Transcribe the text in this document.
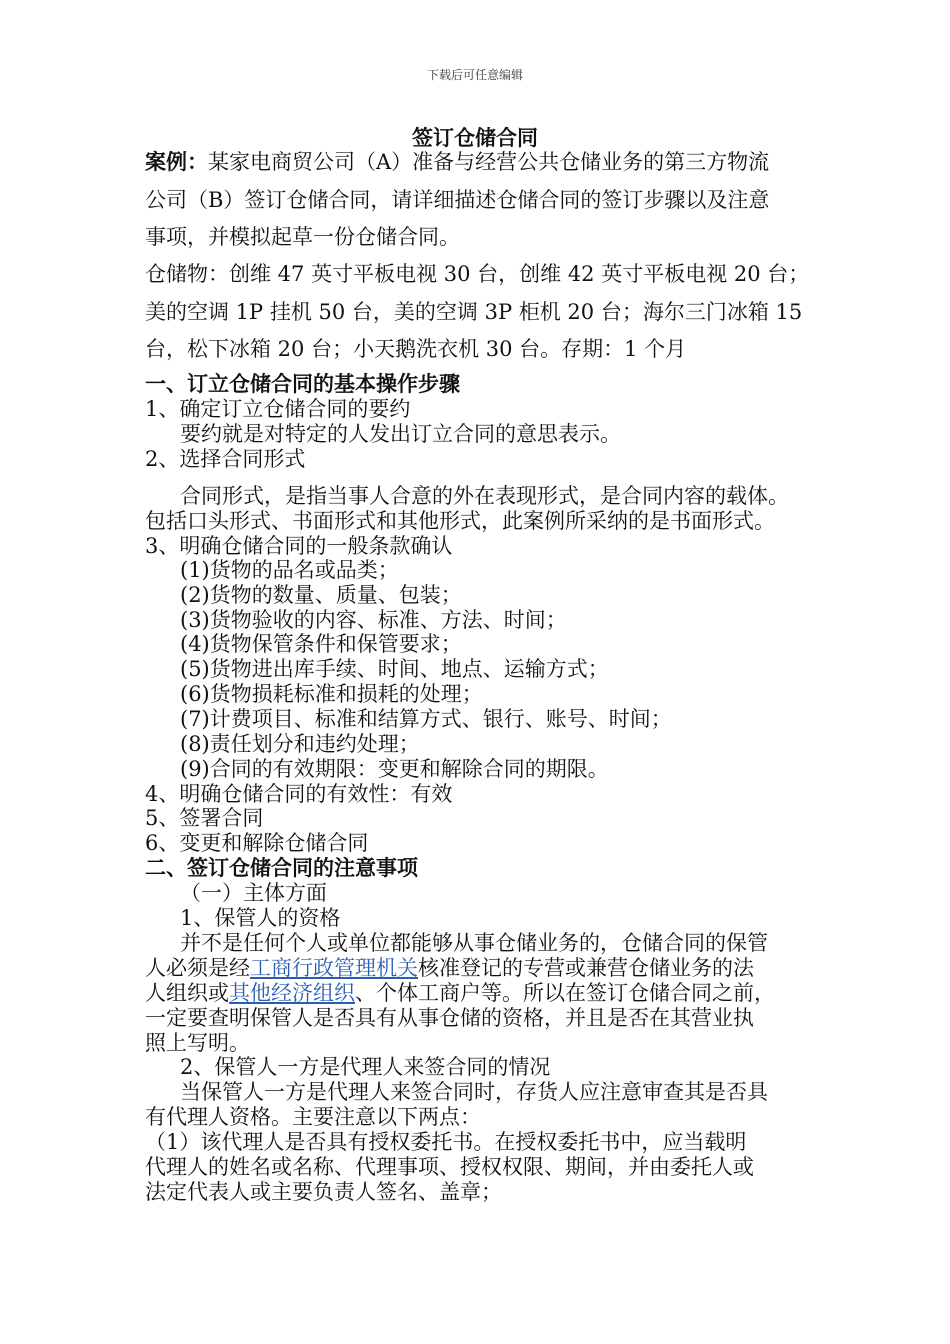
下载后可任意编辑
签订仓储合同
案例：某家电商贸公司（A）准备与经营公共仓储业务的第三方物流
公司（B）签订仓储合同，请详细描述仓储合同的签订步骤以及注意
事项，并模拟起草一份仓储合同。
仓储物：创维 47 英寸平板电视 30 台，创维 42 英寸平板电视 20 台；
美的空调 1P 挂机 50 台，美的空调 3P 柜机 20 台；海尔三门冰箱 15
台，松下冰箱 20 台；小天鹅洗衣机 30 台。存期：1 个月
一、订立仓储合同的基本操作步骤
1、确定订立仓储合同的要约
要约就是对特定的人发出订立合同的意思表示。
2、选择合同形式
合同形式，是指当事人合意的外在表现形式，是合同内容的载体。
包括口头形式、书面形式和其他形式，此案例所采纳的是书面形式。
3、明确仓储合同的一般条款确认
(1)货物的品名或品类；
(2)货物的数量、质量、包装；
(3)货物验收的内容、标准、方法、时间；
(4)货物保管条件和保管要求；
(5)货物进出库手续、时间、地点、运输方式；
(6)货物损耗标准和损耗的处理；
(7)计费项目、标准和结算方式、银行、账号、时间；
(8)责任划分和违约处理；
(9)合同的有效期限：变更和解除合同的期限。
4、明确仓储合同的有效性：有效
5、签署合同
6、变更和解除仓储合同
二、签订仓储合同的注意事项
（一）主体方面
1、保管人的资格
并不是任何个人或单位都能够从事仓储业务的，仓储合同的保管
人必须是经工商行政管理机关核准登记的专营或兼营仓储业务的法
人组织或其他经济组织、个体工商户等。所以在签订仓储合同之前，
一定要查明保管人是否具有从事仓储的资格，并且是否在其营业执
照上写明。
2、保管人一方是代理人来签合同的情况
当保管人一方是代理人来签合同时，存货人应注意审查其是否具
有代理人资格。主要注意以下两点：
（1）该代理人是否具有授权委托书。在授权委托书中，应当载明
代理人的姓名或名称、代理事项、授权权限、期间，并由委托人或
法定代表人或主要负责人签名、盖章；
